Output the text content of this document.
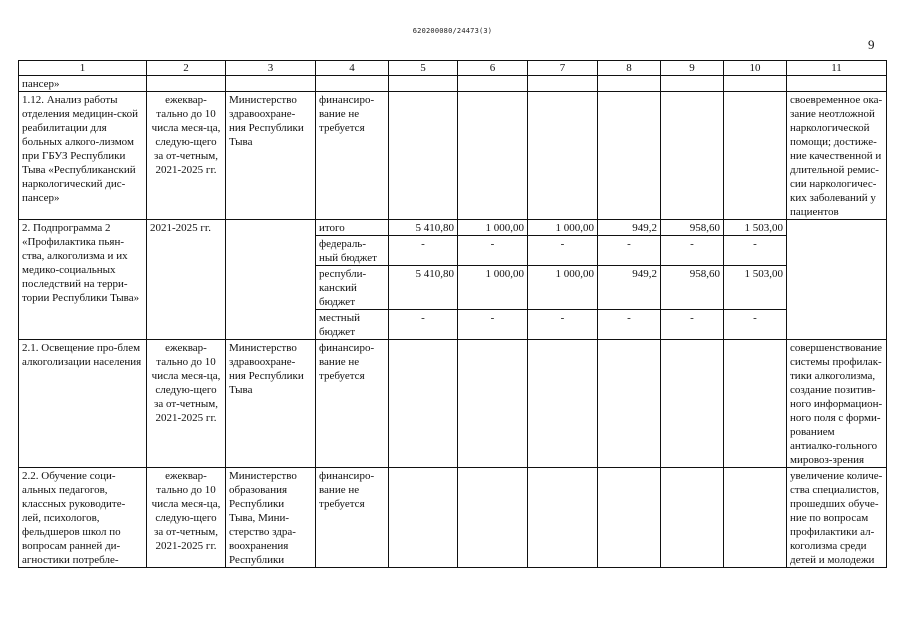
620200080/24473(3)
9
1	2	3	4	5	6	7	8	9	10	11
пансер»										
1.12. Анализ работы отделения медицин-ской реабилитации для больных алкого-лизмом при ГБУЗ Республики Тыва «Республиканский наркологический дис-пансер»	ежеквар-тально до 10 числа меся-ца, следую-щего за от-четным, 2021-2025 гг.	Министерство здравоохране-ния Республики Тыва	финансиро-вание не требуется							своевременное ока-зание неотложной наркологической помощи; достиже-ние качественной и длительной ремис-сии наркологичес-ких заболеваний у пациентов
2. Подпрограмма 2 «Профилактика пьян-ства, алкоголизма и их медико-социальных последствий на терри-тории Республики Тыва»	2021-2025 гг.		итого	5 410,80	1 000,00	1 000,00	949,2	958,60	1 503,00	
			федераль-ный бюджет	-	-	-	-	-	-	
			республи-канский бюджет	5 410,80	1 000,00	1 000,00	949,2	958,60	1 503,00	
			местный бюджет	-	-	-	-	-	-	
2.1. Освещение про-блем алкоголизации населения	ежеквар-тально до 10 числа меся-ца, следую-щего за от-четным, 2021-2025 гг.	Министерство здравоохране-ния Республики Тыва	финансиро-вание не требуется							совершенствование системы профилак-тики алкоголизма, создание позитив-ного информацион-ного поля с форми-рованием антиалко-гольного мировоз-зрения
2.2. Обучение соци-альных педагогов, классных руководите-лей, психологов, фельдшеров школ по вопросам ранней ди-агностики потребле-	ежеквар-тально до 10 числа меся-ца, следую-щего за от-четным, 2021-2025 гг.	Министерство образования Республики Тыва, Мини-стерство здра-воохранения Республики	финансиро-вание не требуется							увеличение количе-ства специалистов, прошедших обуче-ние по вопросам профилактики ал-коголизма среди детей и молодежи
